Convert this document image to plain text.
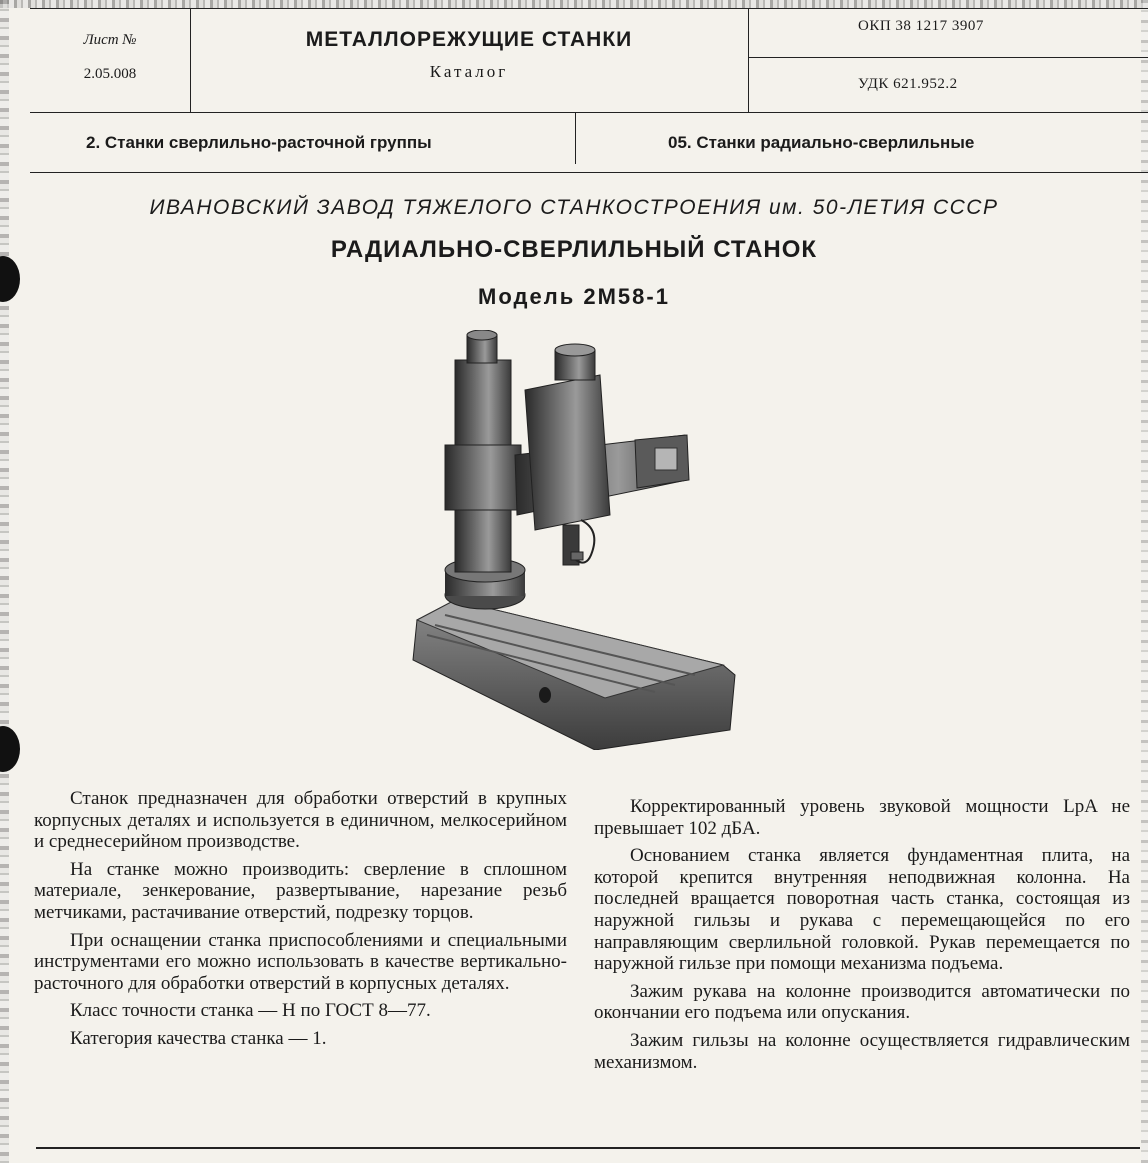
Лист №
2.05.008
МЕТАЛЛОРЕЖУЩИЕ СТАНКИ
Каталог
ОКП 38 1217 3907
УДК 621.952.2
2. Станки сверлильно-расточной группы	05. Станки радиально-сверлильные
ИВАНОВСКИЙ ЗАВОД ТЯЖЕЛОГО СТАНКОСТРОЕНИЯ им. 50-ЛЕТИЯ СССР
РАДИАЛЬНО-СВЕРЛИЛЬНЫЙ СТАНОК
Модель 2М58-1

Станок предназначен для обработки отверстий в крупных корпусных деталях и используется в единичном, мелкосерийном и среднесерийном производстве.

На станке можно производить: сверление в сплошном материале, зенкерование, развертывание, нарезание резьб метчиками, растачивание отверстий, подрезку торцов.

При оснащении станка приспособлениями и специальными инструментами его можно использовать в качестве вертикально-расточного для обработки отверстий в корпусных деталях.

Класс точности станка — Н по ГОСТ 8—77.

Категория качества станка — 1.

Корректированный уровень звуковой мощности LpA не превышает 102 дБА.

Основанием станка является фундаментная плита, на которой крепится внутренняя неподвижная колонна. На последней вращается поворотная часть станка, состоящая из наружной гильзы и рукава с перемещающейся по его направляющим сверлильной головкой. Рукав перемещается по наружной гильзе при помощи механизма подъема.

Зажим рукава на колонне производится автоматически по окончании его подъема или опускания.

Зажим гильзы на колонне осуществляется гидравлическим механизмом.
